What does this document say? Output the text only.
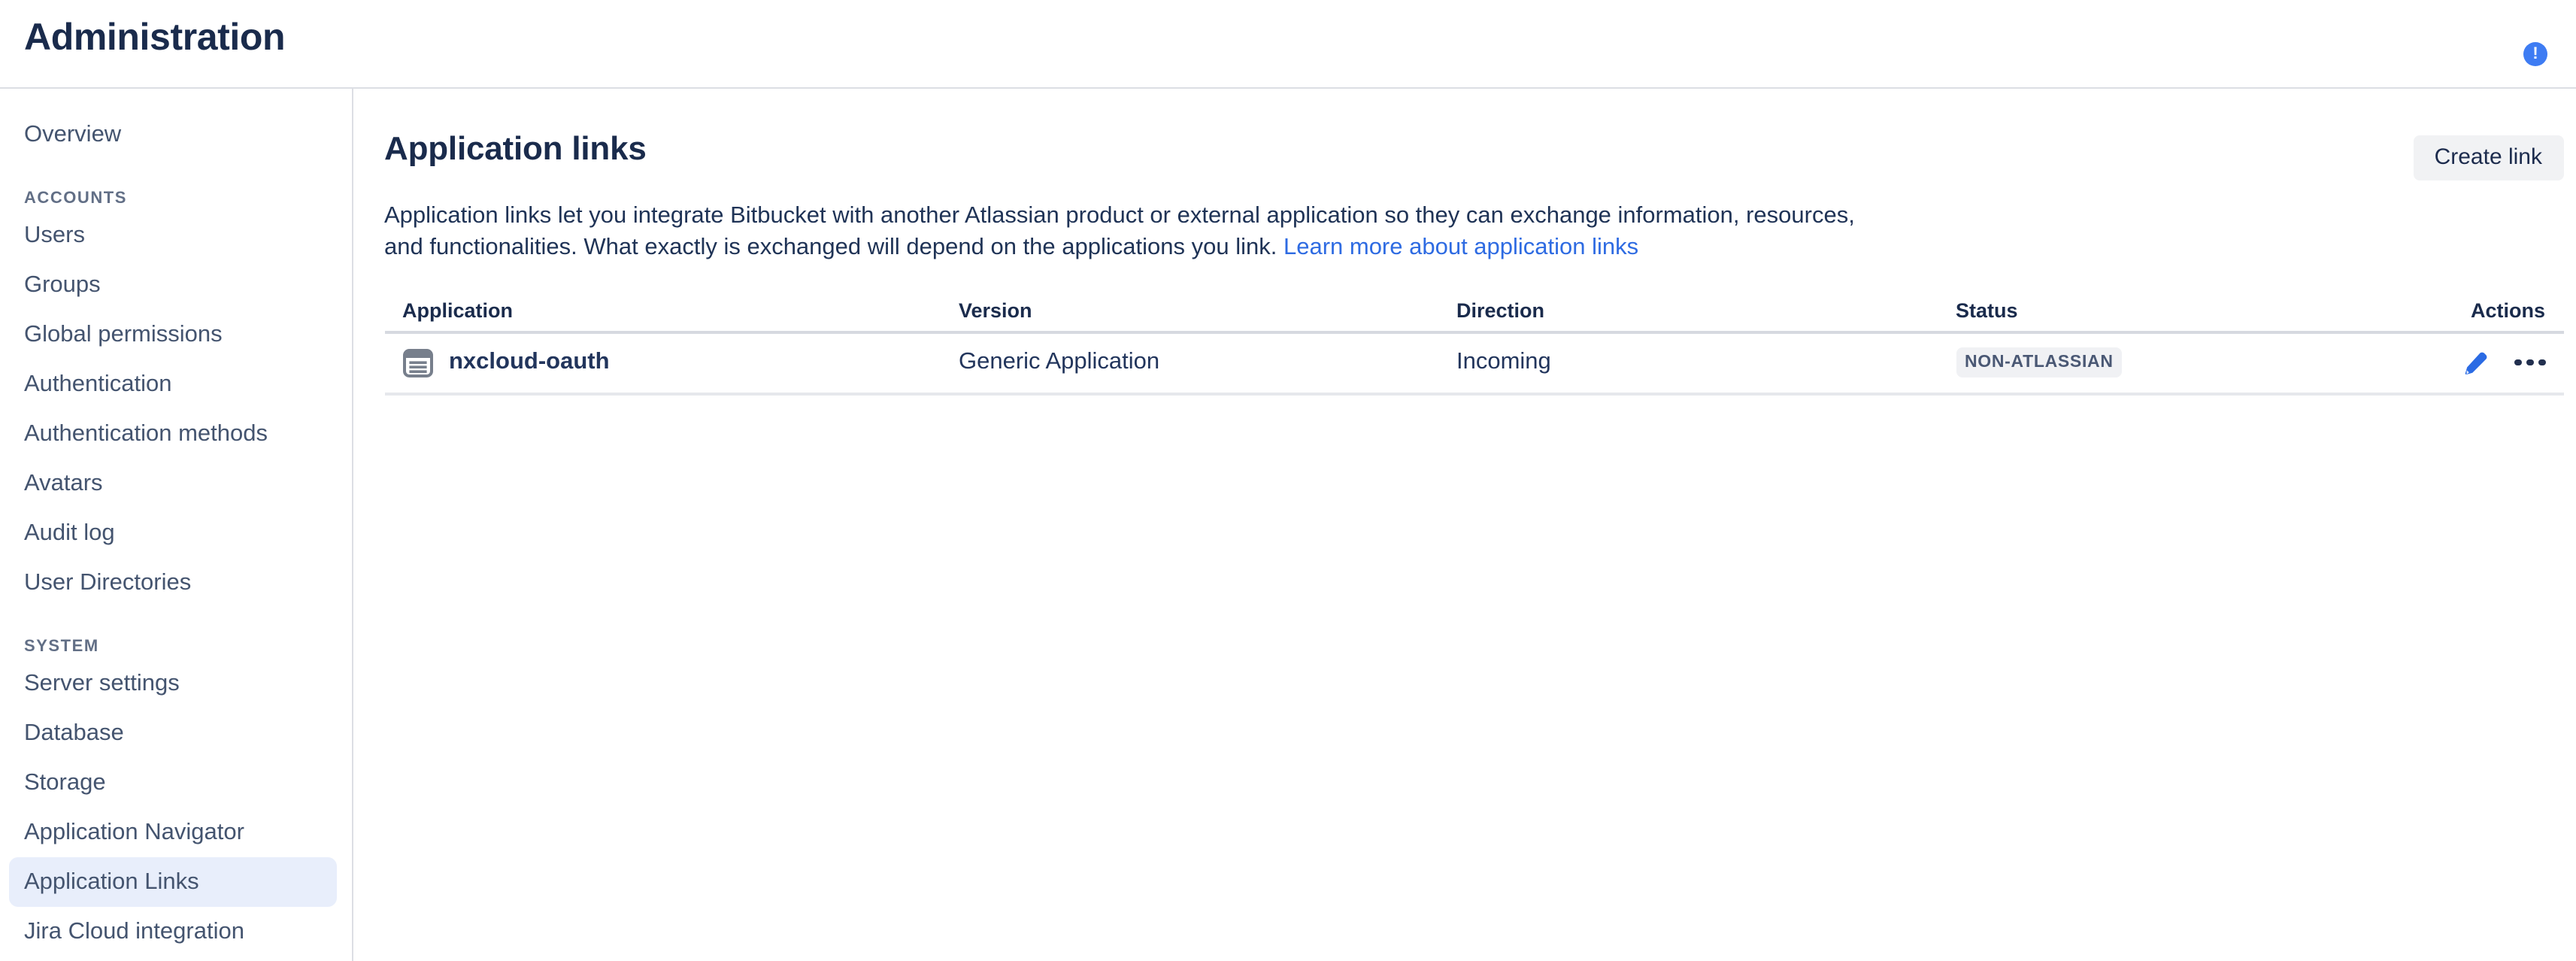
Administration	!
Overview
ACCOUNTS
Users
Groups
Global permissions
Authentication
Authentication methods
Avatars
Audit log
User Directories
SYSTEM
Server settings
Database
Storage
Application Navigator
Application Links
Jira Cloud integration
Application links	Create link
Application links let you integrate Bitbucket with another Atlassian product or external application so they can exchange information, resources,
and functionalities. What exactly is exchanged will depend on the applications you link. Learn more about application links
Application	Version	Direction	Status	Actions
nxcloud-oauth	Generic Application	Incoming	NON-ATLASSIAN
